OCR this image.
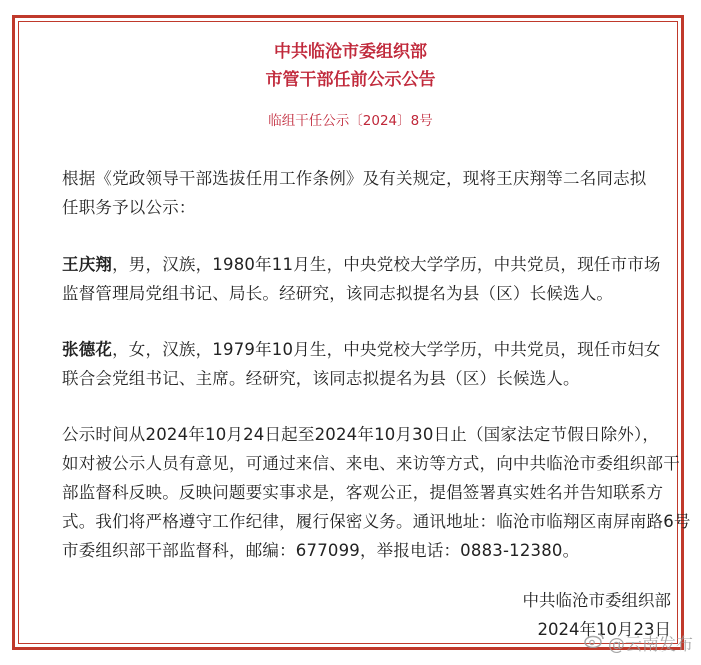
中共临沧市委组织部
市管干部任前公示公告
临组干任公示〔2024〕8号
根据《党政领导干部选拔任用工作条例》及有关规定，现将王庆翔等二名同志拟
任职务予以公示：
王庆翔，男，汉族，1980年11月生，中央党校大学学历，中共党员，现任市市场
监督管理局党组书记、局长。经研究，该同志拟提名为县（区）长候选人。
张德花，女，汉族，1979年10月生，中央党校大学学历，中共党员，现任市妇女
联合会党组书记、主席。经研究，该同志拟提名为县（区）长候选人。
公示时间从2024年10月24日起至2024年10月30日止（国家法定节假日除外），
如对被公示人员有意见，可通过来信、来电、来访等方式，向中共临沧市委组织部干
部监督科反映。反映问题要实事求是，客观公正，提倡签署真实姓名并告知联系方
式。我们将严格遵守工作纪律，履行保密义务。通讯地址：临沧市临翔区南屏南路6号
市委组织部干部监督科，邮编：677099，举报电话：0883-12380。
中共临沧市委组织部
2024年10月23日
@云南发布
